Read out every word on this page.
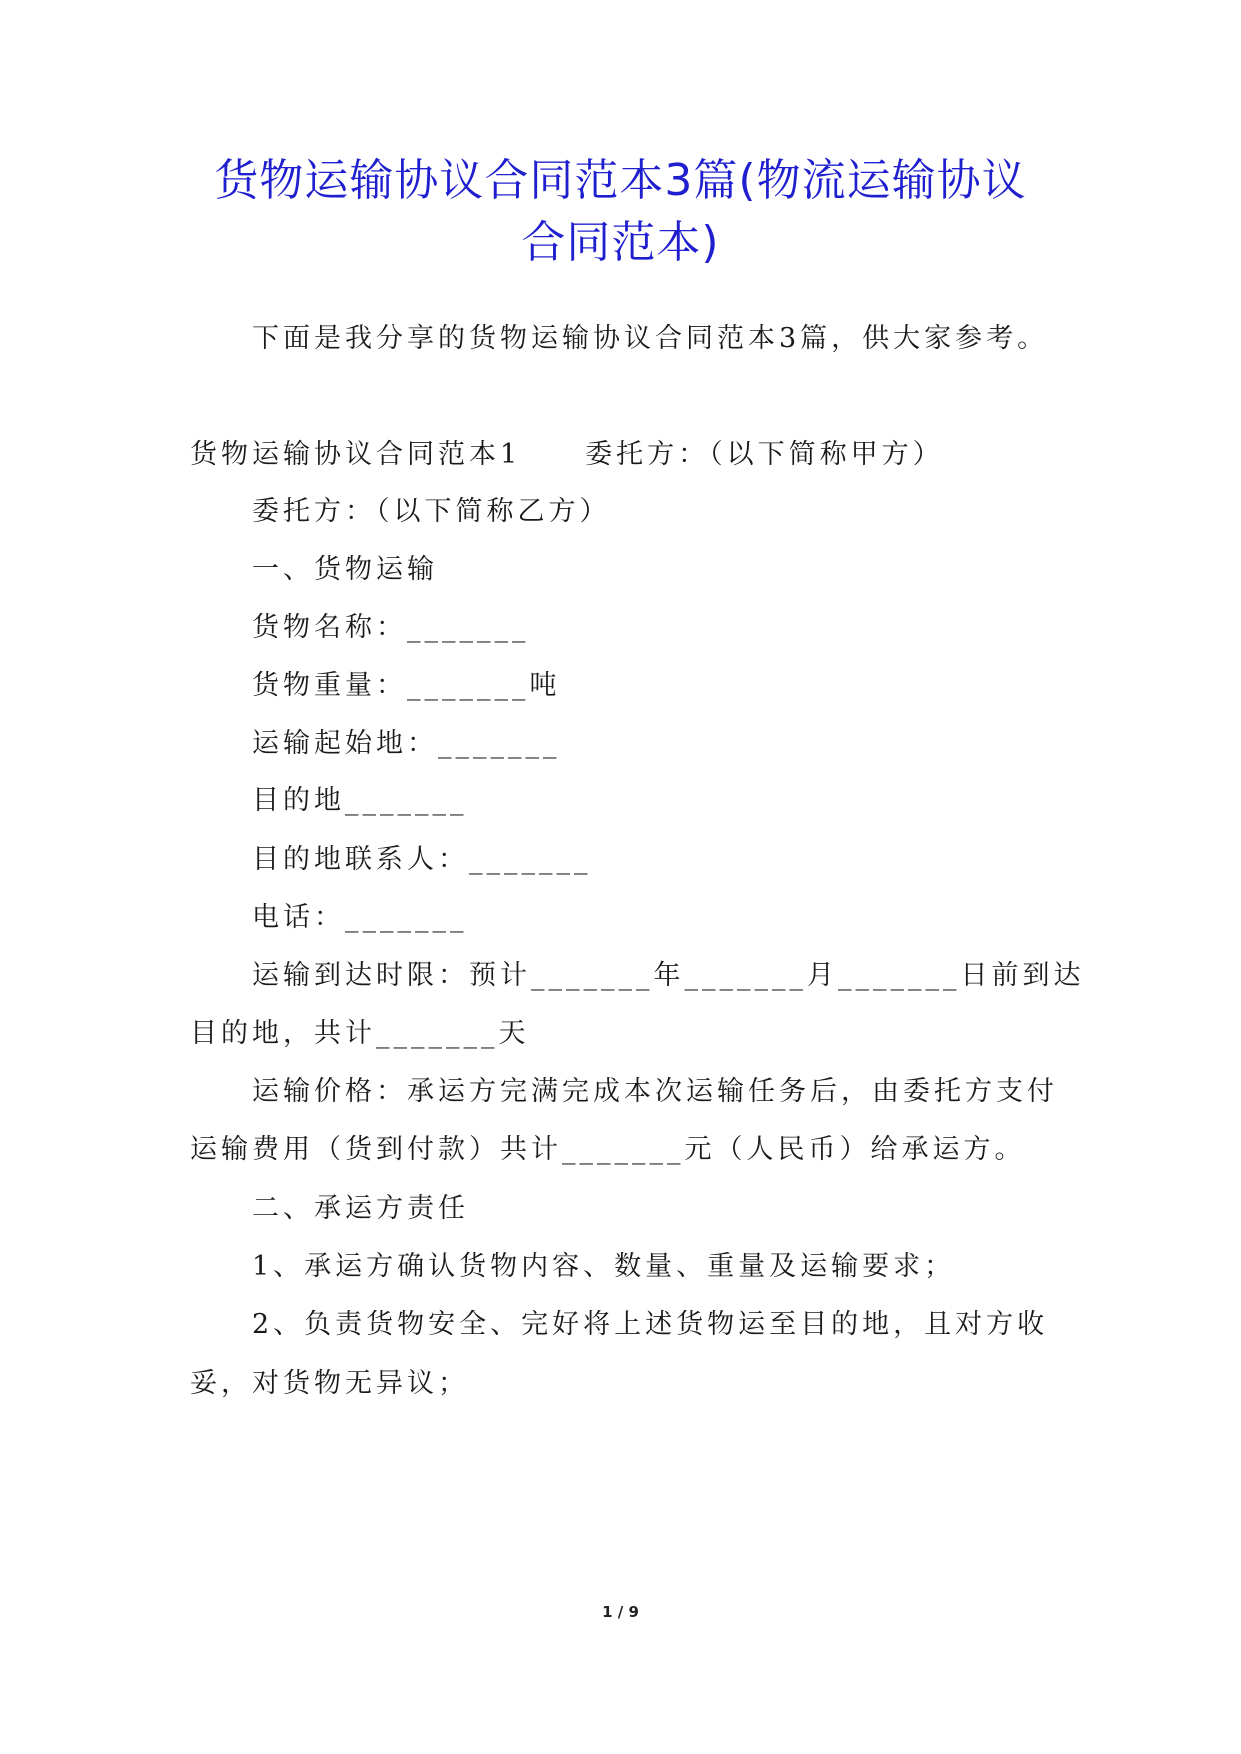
货物运输协议合同范本3篇(物流运输协议
合同范本)
下面是我分享的货物运输协议合同范本3篇，供大家参考。
货物运输协议合同范本1 委托方：（以下简称甲方）
委托方：（以下简称乙方）
一、货物运输
货物名称：_______
货物重量：_______吨
运输起始地：_______
目的地_______
目的地联系人：_______
电话：_______
运输到达时限：预计_______年_______月_______日前到达
目的地，共计_______天
运输价格：承运方完满完成本次运输任务后，由委托方支付
运输费用（货到付款）共计_______元（人民币）给承运方。
二、承运方责任
1、承运方确认货物内容、数量、重量及运输要求；
2、负责货物安全、完好将上述货物运至目的地，且对方收
妥，对货物无异议；
1 / 9
